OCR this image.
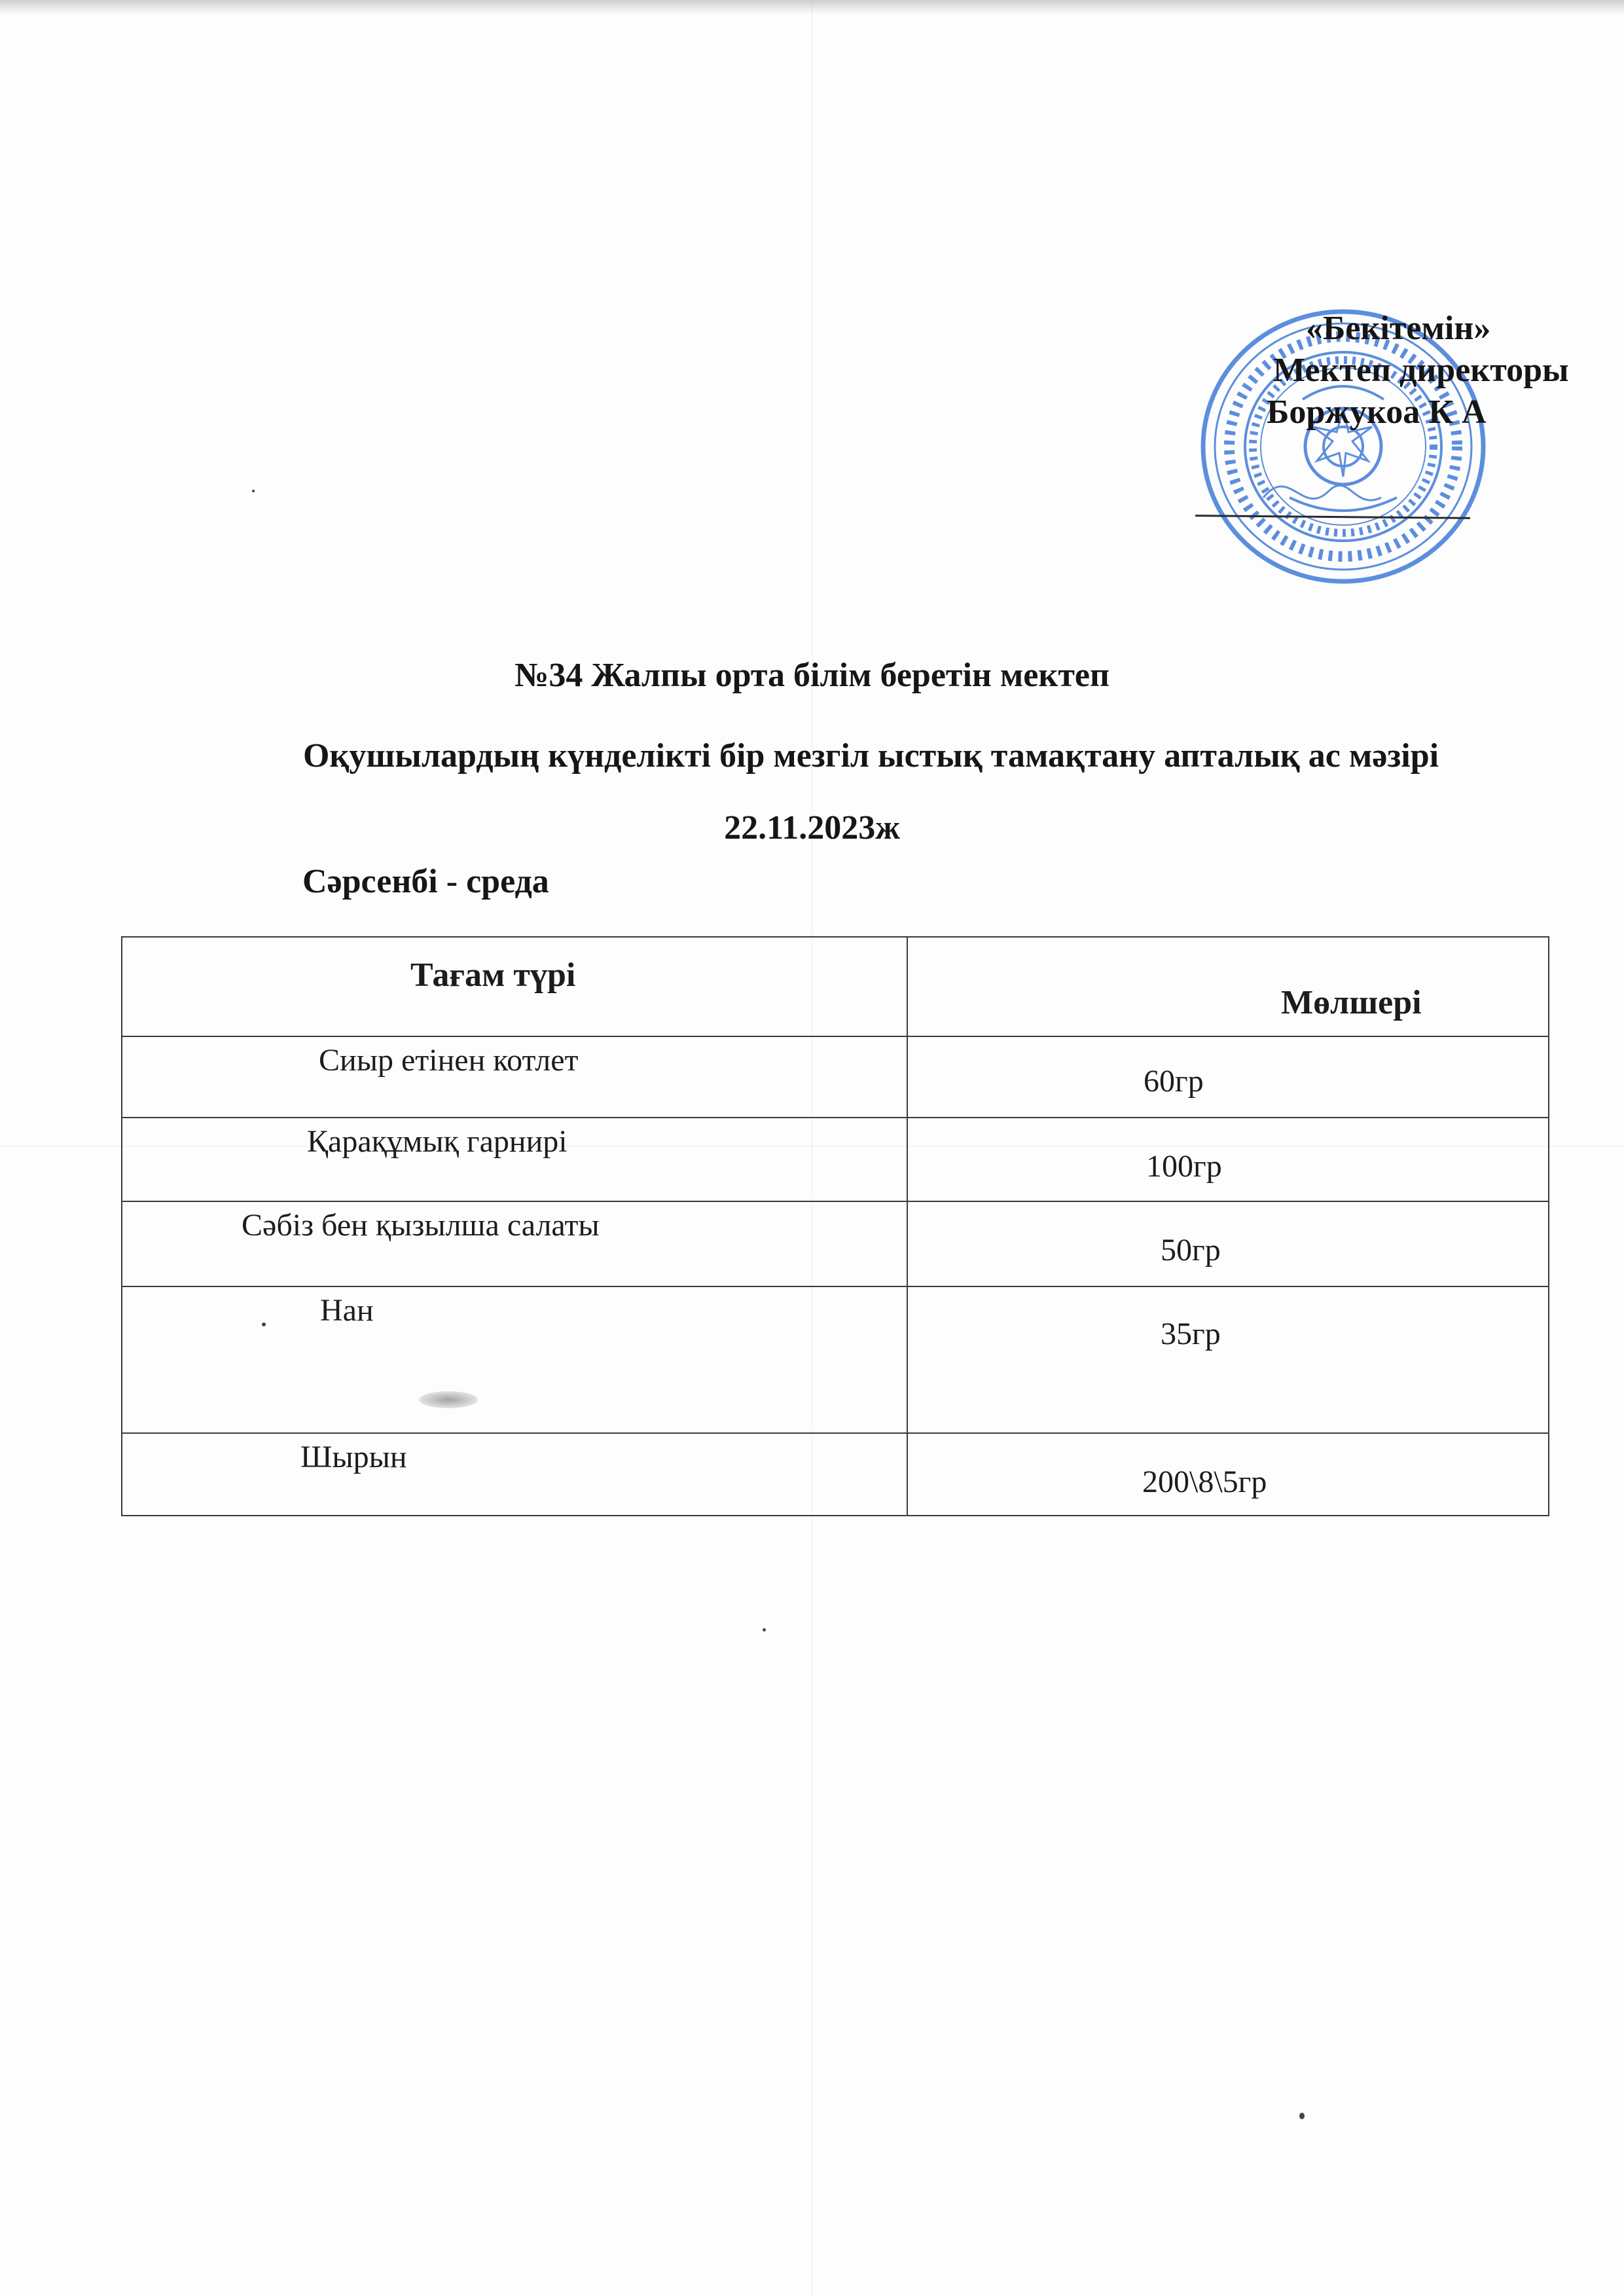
«Бекітемін»
Мектеп директоры
Боржукоа К А
№34 Жалпы орта білім беретін мектеп
Оқушылардың күнделікті бір мезгіл ыстық тамақтану апталық ас мәзірі
22.11.2023ж
Сәрсенбі - среда
Тағам түрі	Мөлшері

Сиыр етінен котлет	60гр

Қарақұмық гарнирі	100гр

Сәбіз бен қызылша салаты	50гр

Нан	35гр

Шырын	200\8\5гр
